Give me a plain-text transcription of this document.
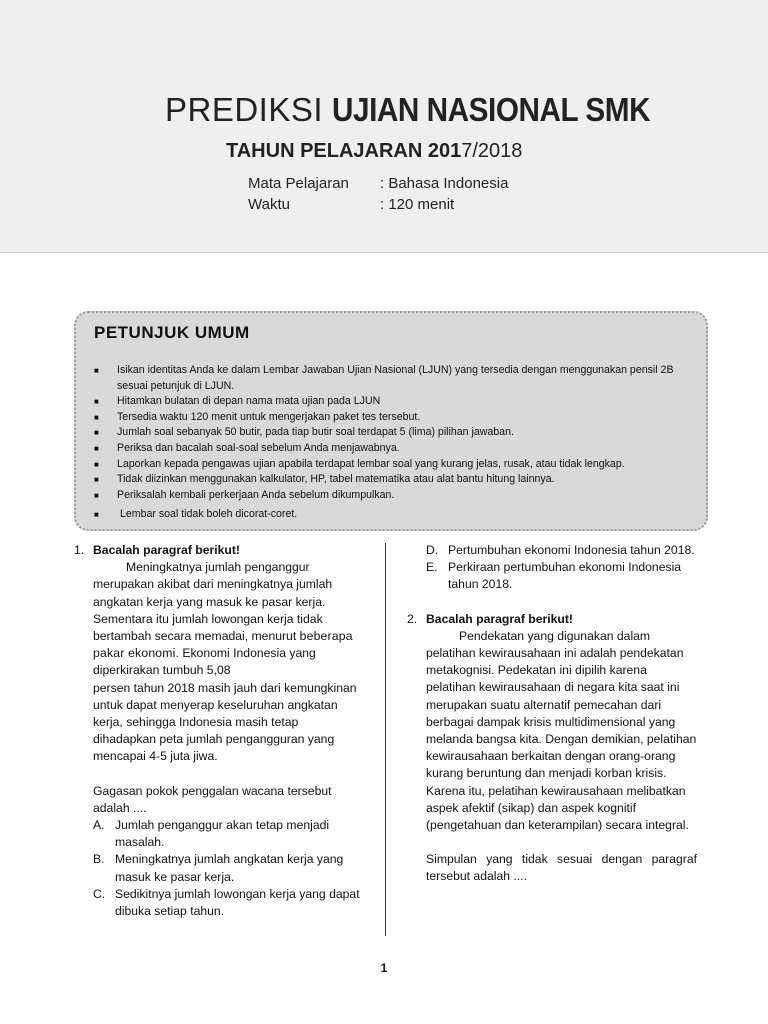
PREDIKSI UJIAN NASIONAL SMK
TAHUN PELAJARAN 2017/2018
Mata Pelajaran : Bahasa Indonesia
Waktu	: 120 menit
PETUNJUK UMUM
■ Isikan identitas Anda ke dalam Lembar Jawaban Ujian Nasional (LJUN) yang tersedia dengan menggunakan pensil 2B sesuai petunjuk di LJUN.
■ Hitamkan bulatan di depan nama mata ujian pada LJUN
■ Tersedia waktu 120 menit untuk mengerjakan paket tes tersebut.
■ Jumlah soal sebanyak 50 butir, pada tiap butir soal terdapat 5 (lima) pilihan jawaban.
■ Periksa dan bacalah soal-soal sebelum Anda menjawabnya.
■ Laporkan kepada pengawas ujian apabila terdapat lembar soal yang kurang jelas, rusak, atau tidak lengkap.
■ Tidak diizinkan menggunakan kalkulator, HP, tabel matematika atau alat bantu hitung lainnya.
■ Periksalah kembali perkerjaan Anda sebelum dikumpulkan.
■ Lembar soal tidak boleh dicorat-coret.
1. Bacalah paragraf berikut!
Meningkatnya jumlah penganggur merupakan akibat dari meningkatnya jumlah angkatan kerja yang masuk ke pasar kerja. Sementara itu jumlah lowongan kerja tidak bertambah secara memadai, menurut beberapa pakar ekonomi. Ekonomi Indonesia yang diperkirakan tumbuh 5,08
persen tahun 2018 masih jauh dari kemungkinan untuk dapat menyerap keseluruhan angkatan kerja, sehingga Indonesia masih tetap dihadapkan peta jumlah pengangguran yang mencapai 4-5 juta jiwa.
Gagasan pokok penggalan wacana tersebut adalah ....
A. Jumlah penganggur akan tetap menjadi masalah.
B. Meningkatnya jumlah angkatan kerja yang masuk ke pasar kerja.
C. Sedikitnya jumlah lowongan kerja yang dapat dibuka setiap tahun.
D. Pertumbuhan ekonomi Indonesia tahun 2018.
E. Perkiraan pertumbuhan ekonomi Indonesia tahun 2018.
2. Bacalah paragraf berikut!
Pendekatan yang digunakan dalam pelatihan kewirausahaan ini adalah pendekatan metakognisi. Pedekatan ini dipilih karena pelatihan kewirausahaan di negara kita saat ini merupakan suatu alternatif pemecahan dari berbagai dampak krisis multidimensional yang melanda bangsa kita. Dengan demikian, pelatihan kewirausahaan berkaitan dengan orang-orang kurang beruntung dan menjadi korban krisis. Karena itu, pelatihan kewirausahaan melibatkan aspek afektif (sikap) dan aspek kognitif (pengetahuan dan keterampilan) secara integral.
Simpulan yang tidak sesuai dengan paragraf tersebut adalah ....
1
